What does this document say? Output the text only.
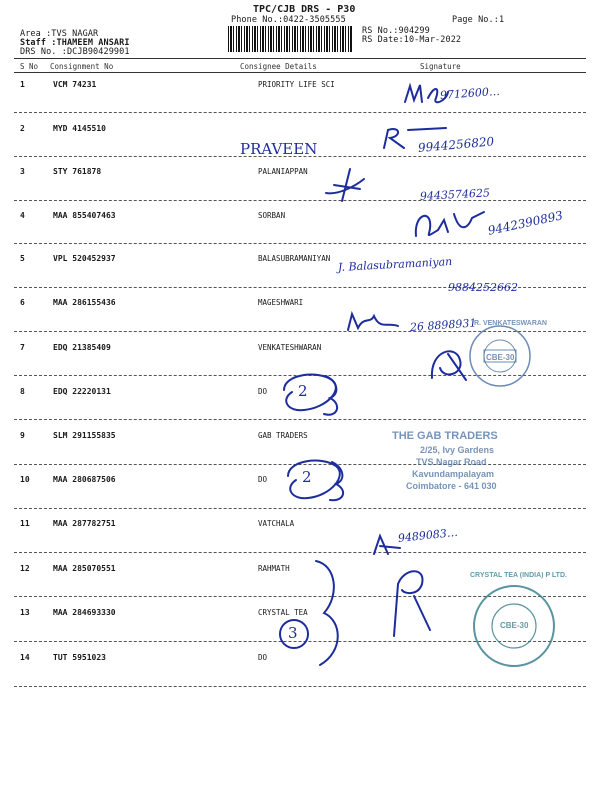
TPC/CJB DRS - P30
Phone No.:0422-3505555
Area :TVS NAGAR
Staff :THAMEEM ANSARI
DRS No. :DCJB90429901
RS No.:904299
RS Date:10-Mar-2022
Page No.:1
S No Consignment No	Consignee Details	Signature
1	VCM 74231	PRIORITY LIFE SCI
2	MYD 4145510
3	STY 761878	PALANIAPPAN
4	MAA 855407463	SORBAN
5	VPL 520452937	BALASUBRAMANIYAN
6	MAA 286155436	MAGESHWARI
7	EDQ 21385409	VENKATESHWARAN
8	EDQ 22220131	DO
9	SLM 291155835	GAB TRADERS
10	MAA 280687506	DO
11	MAA 287782751	VATCHALA
12	MAA 285070551	RAHMATH
13	MAA 284693330	CRYSTAL TEA
14	TUT 5951023	DO
9712600…
PRAVEEN	9944256820
9443574625
9442390893
J. Balasubramaniyan
9884252662
26 8898931
R. VENKATESWARAN
CBE-30
2
THE GAB TRADERS
2/25, Ivy Gardens
TVS Nagar Road
Kavundampalayam
Coimbatore - 641 030
2
9489083…
CRYSTAL TEA (INDIA) P LTD.
CBE-30
3
